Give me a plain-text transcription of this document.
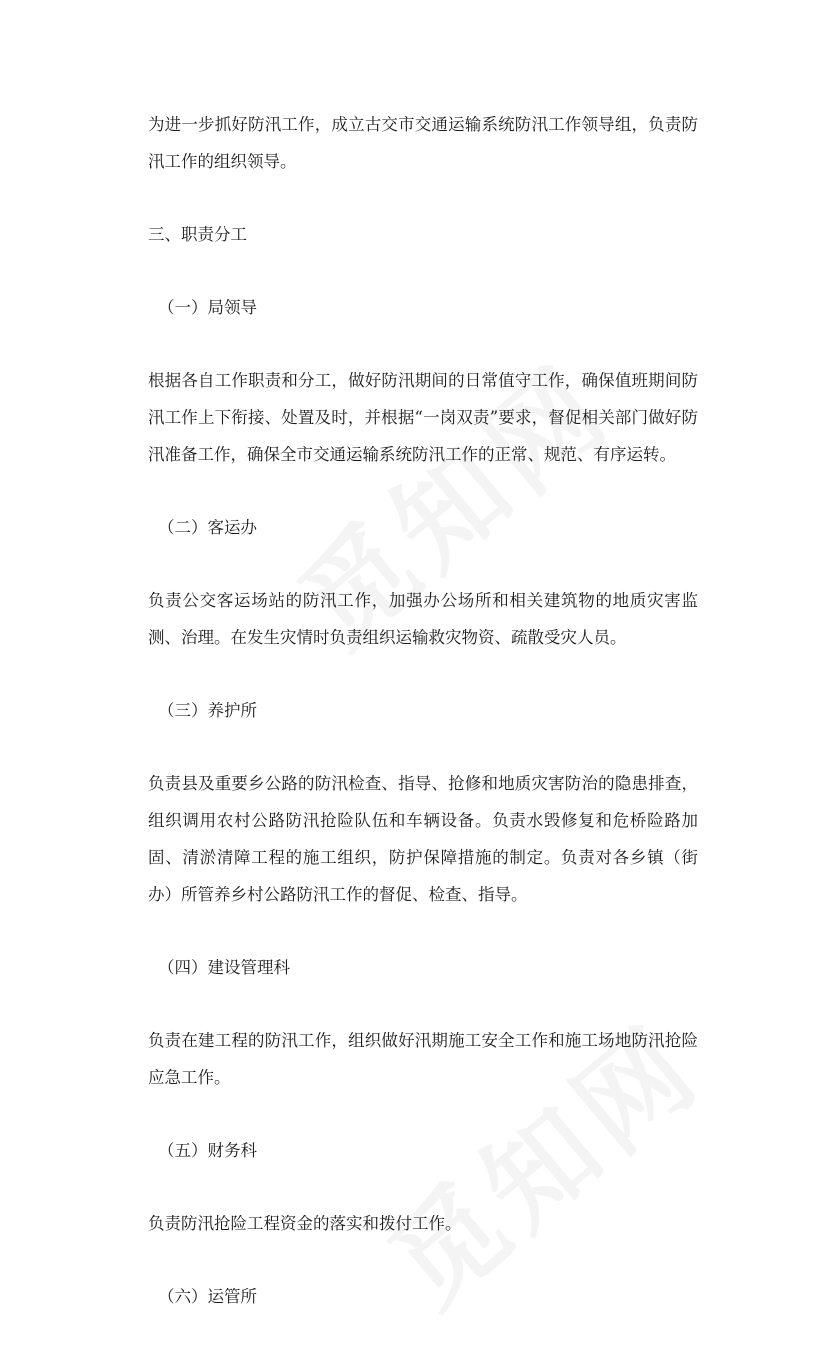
为进一步抓好防汛工作，成立古交市交通运输系统防汛工作领导组，负责防汛工作的组织领导。

三、职责分工

（一）局领导

根据各自工作职责和分工，做好防汛期间的日常值守工作，确保值班期间防汛工作上下衔接、处置及时，并根据“一岗双责”要求，督促相关部门做好防汛准备工作，确保全市交通运输系统防汛工作的正常、规范、有序运转。

（二）客运办

负责公交客运场站的防汛工作，加强办公场所和相关建筑物的地质灾害监测、治理。在发生灾情时负责组织运输救灾物资、疏散受灾人员。

（三）养护所

负责县及重要乡公路的防汛检查、指导、抢修和地质灾害防治的隐患排查，组织调用农村公路防汛抢险队伍和车辆设备。负责水毁修复和危桥险路加固、清淤清障工程的施工组织，防护保障措施的制定。负责对各乡镇（街办）所管养乡村公路防汛工作的督促、检查、指导。

（四）建设管理科

负责在建工程的防汛工作，组织做好汛期施工安全工作和施工场地防汛抢险应急工作。

（五）财务科

负责防汛抢险工程资金的落实和拨付工作。

（六）运管所
